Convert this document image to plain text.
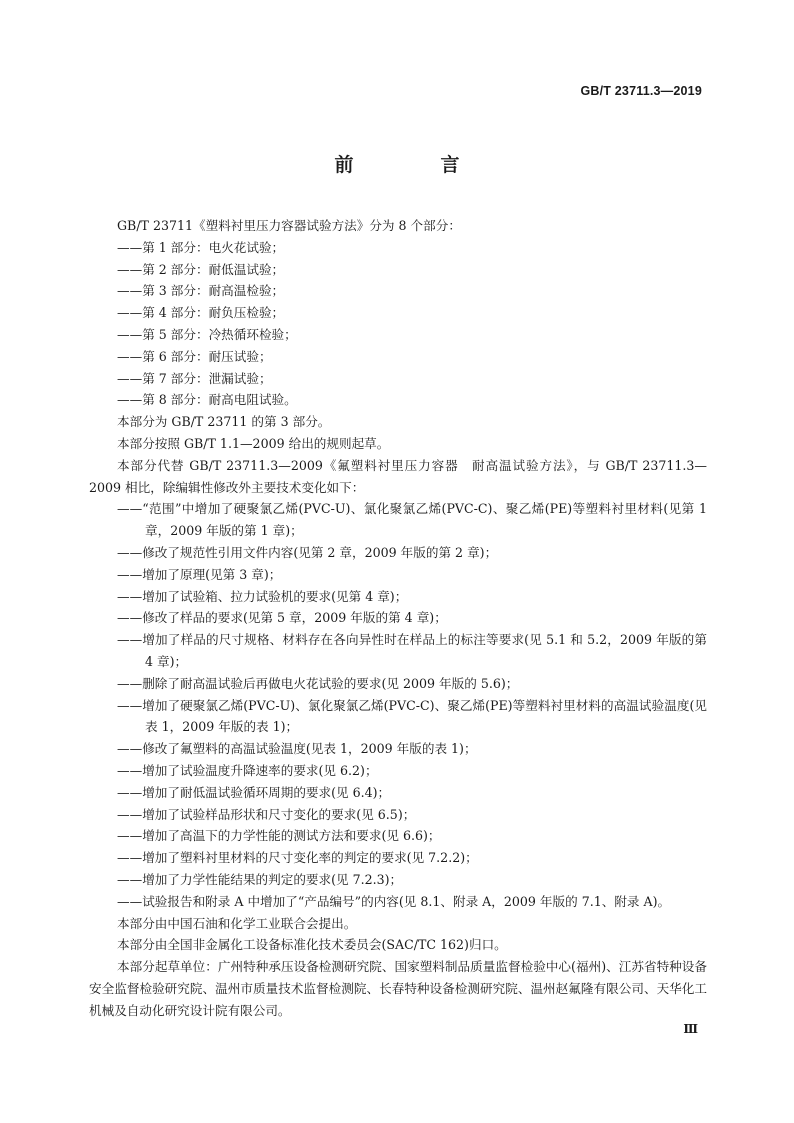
GB/T 23711.3—2019
前　言

GB/T 23711《塑料衬里压力容器试验方法》分为 8 个部分：

——第 1 部分：电火花试验；

——第 2 部分：耐低温试验；

——第 3 部分：耐高温检验；

——第 4 部分：耐负压检验；

——第 5 部分：冷热循环检验；

——第 6 部分：耐压试验；

——第 7 部分：泄漏试验；

——第 8 部分：耐高电阻试验。

本部分为 GB/T 23711 的第 3 部分。

本部分按照 GB/T 1.1—2009 给出的规则起草。

本部分代替 GB/T 23711.3—2009《氟塑料衬里压力容器　耐高温试验方法》，与 GB/T 23711.3—2009 相比，除编辑性修改外主要技术变化如下：

——“范围”中增加了硬聚氯乙烯(PVC-U)、氯化聚氯乙烯(PVC-C)、聚乙烯(PE)等塑料衬里材料(见第 1 章，2009 年版的第 1 章)；

——修改了规范性引用文件内容(见第 2 章，2009 年版的第 2 章)；

——增加了原理(见第 3 章)；

——增加了试验箱、拉力试验机的要求(见第 4 章)；

——修改了样品的要求(见第 5 章，2009 年版的第 4 章)；

——增加了样品的尺寸规格、材料存在各向异性时在样品上的标注等要求(见 5.1 和 5.2，2009 年版的第 4 章)；

——删除了耐高温试验后再做电火花试验的要求(见 2009 年版的 5.6)；

——增加了硬聚氯乙烯(PVC-U)、氯化聚氯乙烯(PVC-C)、聚乙烯(PE)等塑料衬里材料的高温试验温度(见表 1，2009 年版的表 1)；

——修改了氟塑料的高温试验温度(见表 1，2009 年版的表 1)；

——增加了试验温度升降速率的要求(见 6.2)；

——增加了耐低温试验循环周期的要求(见 6.4)；

——增加了试验样品形状和尺寸变化的要求(见 6.5)；

——增加了高温下的力学性能的测试方法和要求(见 6.6)；

——增加了塑料衬里材料的尺寸变化率的判定的要求(见 7.2.2)；

——增加了力学性能结果的判定的要求(见 7.2.3)；

——试验报告和附录 A 中增加了“产品编号”的内容(见 8.1、附录 A，2009 年版的 7.1、附录 A)。

本部分由中国石油和化学工业联合会提出。

本部分由全国非金属化工设备标准化技术委员会(SAC/TC 162)归口。

本部分起草单位：广州特种承压设备检测研究院、国家塑料制品质量监督检验中心(福州)、江苏省特种设备安全监督检验研究院、温州市质量技术监督检测院、长春特种设备检测研究院、温州赵氟隆有限公司、天华化工机械及自动化研究设计院有限公司。

Ⅲ
